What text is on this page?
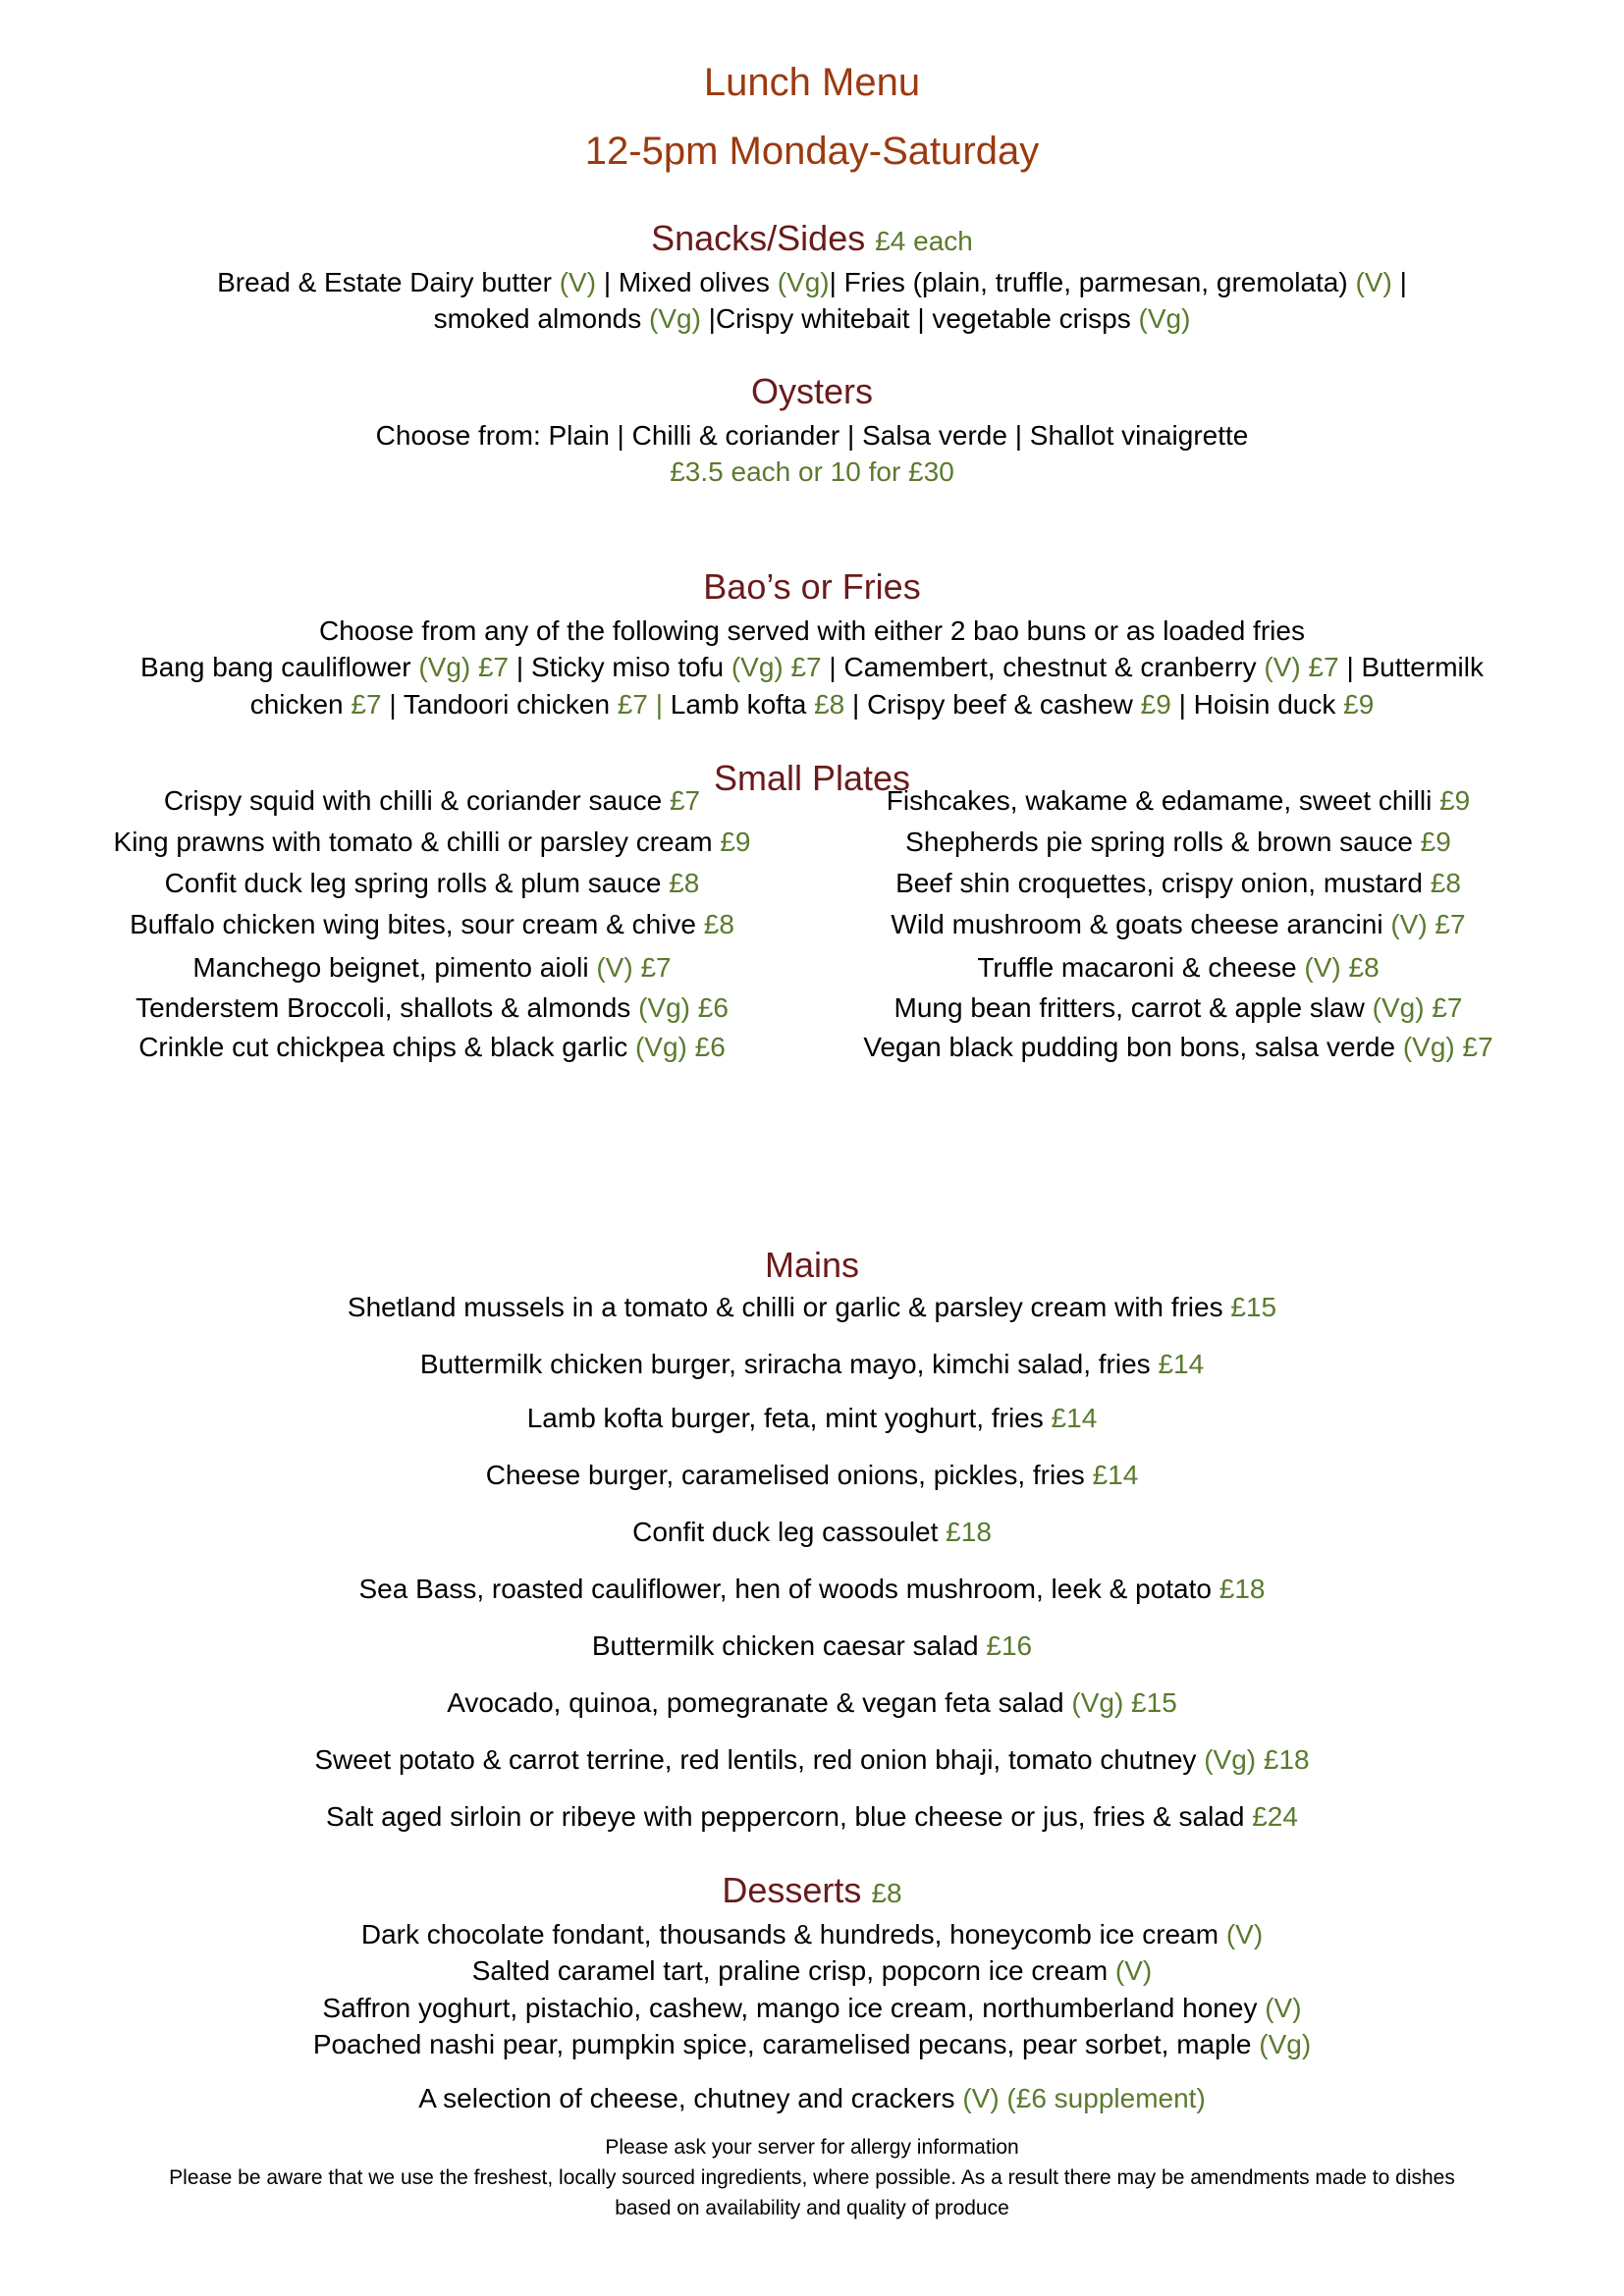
Lunch Menu
12-5pm Monday-Saturday
Snacks/Sides £4 each
Bread & Estate Dairy butter (V) | Mixed olives (Vg)| Fries (plain, truffle, parmesan, gremolata) (V) |
smoked almonds (Vg) |Crispy whitebait | vegetable crisps (Vg)
Oysters
Choose from: Plain | Chilli & coriander | Salsa verde | Shallot vinaigrette
£3.5 each or 10 for £30
Bao’s or Fries
Choose from any of the following served with either 2 bao buns or as loaded fries
Bang bang cauliflower (Vg) £7 | Sticky miso tofu (Vg) £7 | Camembert, chestnut & cranberry (V) £7 | Buttermilk
chicken £7 | Tandoori chicken £7 | Lamb kofta £8 | Crispy beef & cashew £9 | Hoisin duck £9
Small Plates
Crispy squid with chilli & coriander sauce £7
King prawns with tomato & chilli or parsley cream £9
Confit duck leg spring rolls & plum sauce £8
Buffalo chicken wing bites, sour cream & chive £8
Manchego beignet, pimento aioli (V) £7
Tenderstem Broccoli, shallots & almonds (Vg) £6
Crinkle cut chickpea chips & black garlic (Vg) £6
Fishcakes, wakame & edamame, sweet chilli £9
Shepherds pie spring rolls & brown sauce £9
Beef shin croquettes, crispy onion, mustard £8
Wild mushroom & goats cheese arancini (V) £7
Truffle macaroni & cheese (V) £8
Mung bean fritters, carrot & apple slaw (Vg) £7
Vegan black pudding bon bons, salsa verde (Vg) £7
Mains
Shetland mussels in a tomato & chilli or garlic & parsley cream with fries £15
Buttermilk chicken burger, sriracha mayo, kimchi salad, fries £14
Lamb kofta burger, feta, mint yoghurt, fries £14
Cheese burger, caramelised onions, pickles, fries £14
Confit duck leg cassoulet £18
Sea Bass, roasted cauliflower, hen of woods mushroom, leek & potato £18
Buttermilk chicken caesar salad £16
Avocado, quinoa, pomegranate & vegan feta salad (Vg) £15
Sweet potato & carrot terrine, red lentils, red onion bhaji, tomato chutney (Vg) £18
Salt aged sirloin or ribeye with peppercorn, blue cheese or jus, fries & salad £24
Desserts £8
Dark chocolate fondant, thousands & hundreds, honeycomb ice cream (V)
Salted caramel tart, praline crisp, popcorn ice cream (V)
Saffron yoghurt, pistachio, cashew, mango ice cream, northumberland honey (V)
Poached nashi pear, pumpkin spice, caramelised pecans, pear sorbet, maple (Vg)
A selection of cheese, chutney and crackers (V) (£6 supplement)
Please ask your server for allergy information
Please be aware that we use the freshest, locally sourced ingredients, where possible. As a result there may be amendments made to dishes
based on availability and quality of produce
